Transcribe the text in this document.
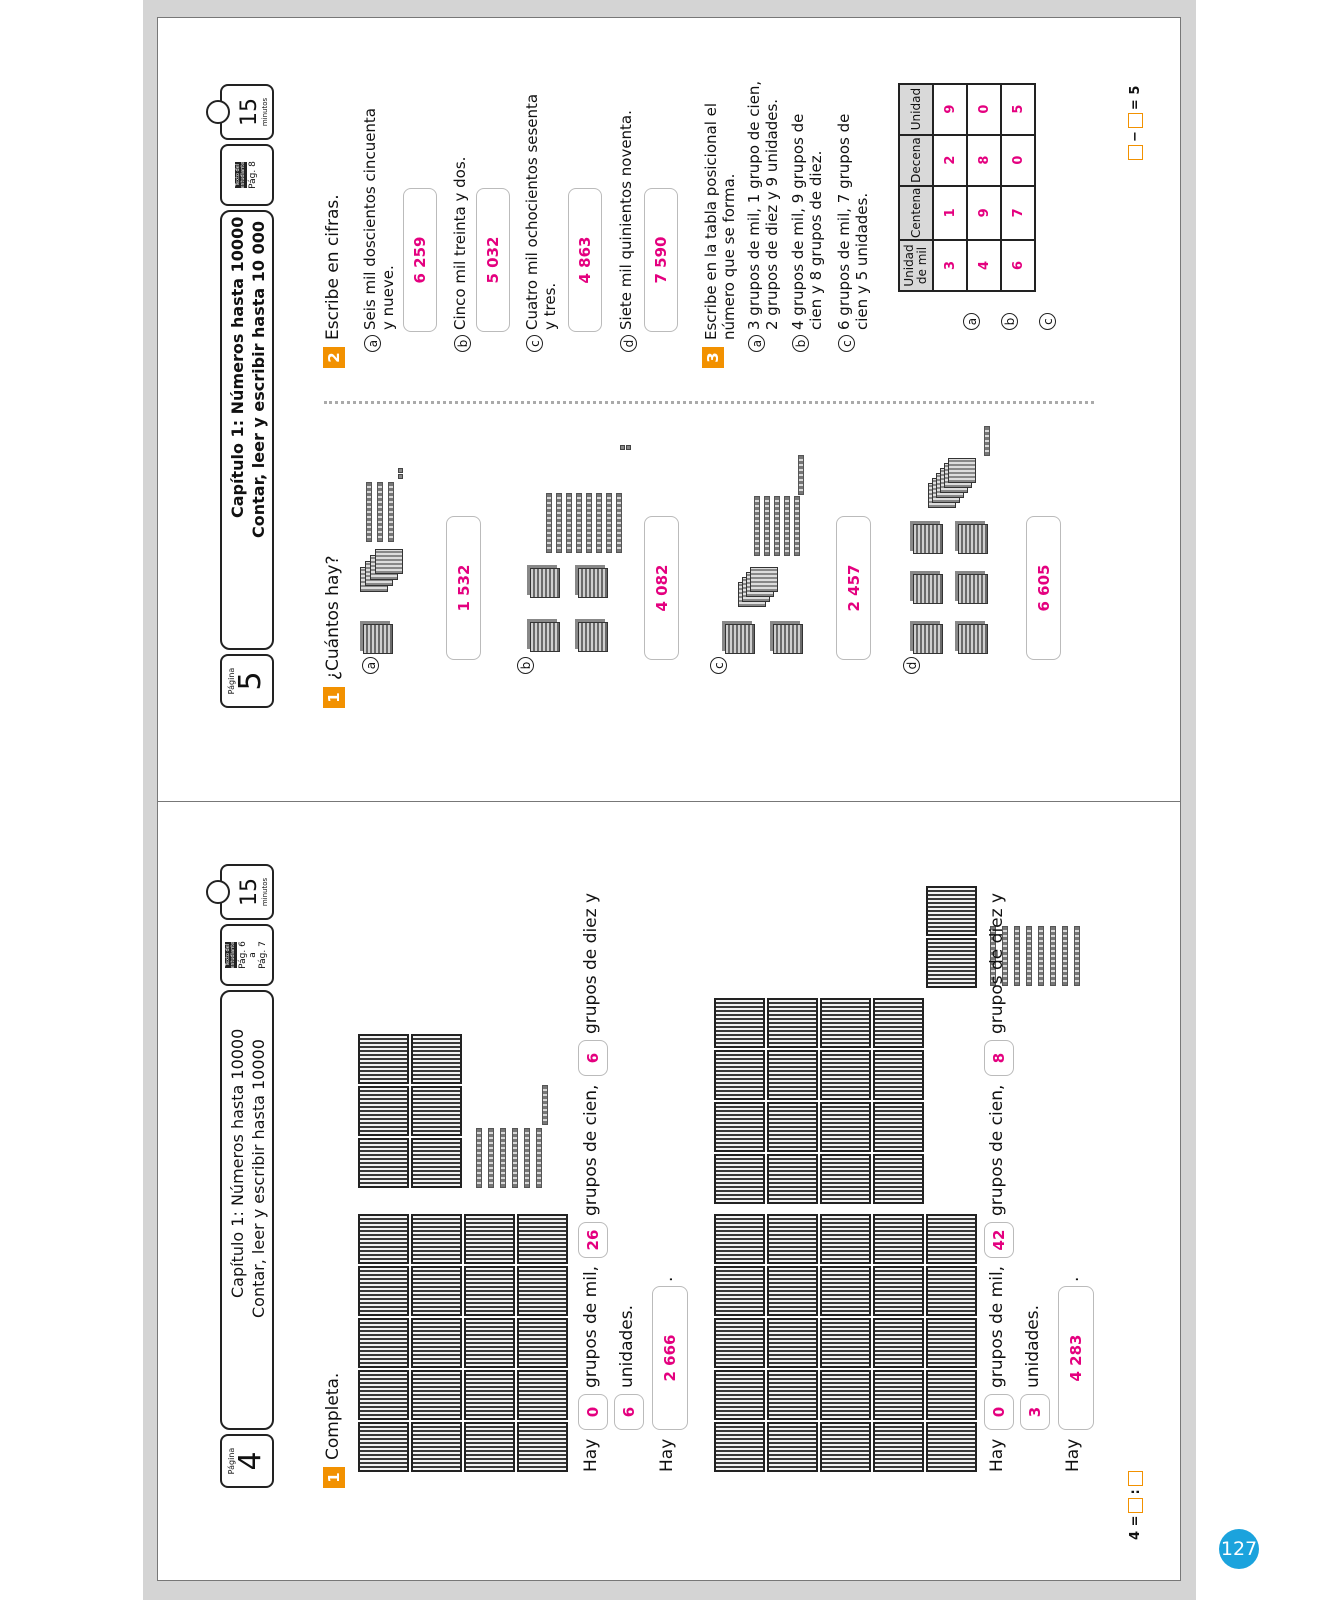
Página
5
Capítulo 1: Números hasta 10000 Contar, leer y escribir hasta 10 000
Texto del estudiante Pág. 8
15 minutos
1
¿Cuántos hay? a
1 532
b
4 082
c
2 457
d
6 605
2
Escribe en cifras.
a
Seis mil doscientos cincuenta y nueve.
6 259
b
Cinco mil treinta y dos.	5 032
c
Cuatro mil ochocientos sesenta y tres.
4 863
d
Siete mil quinientos noventa.	7 590
3
Escribe en la tabla posicional el número que se forma.
a
3 grupos de mil, 1 grupo de cien, 2 grupos de diez y 9 unidades.
b
4 grupos de mil, 9 grupos de cien y 8 grupos de diez.
c
6 grupos de mil, 7 grupos de cien y 5 unidades.	Unidad de mil	Centena	Decena	Unidad
3	1	2	9
4	9	8	0
6	7	0	5
a b c
−
= 5
Página
4
Capítulo 1: Números hasta 10000 Contar, leer y escribir hasta 10000
Texto del estudiante Pág. 6 a Pág. 7
15 minutos
1
Completa.	Hay
0
grupos de mil,
26
grupos de cien,
6
grupos de diez y
6
unidades.
Hay
2 666
.
Hay
0
grupos de mil,
42
grupos de cien,
8
grupos de diez y
3
unidades.
Hay
4 283
.
4 =
:
127
